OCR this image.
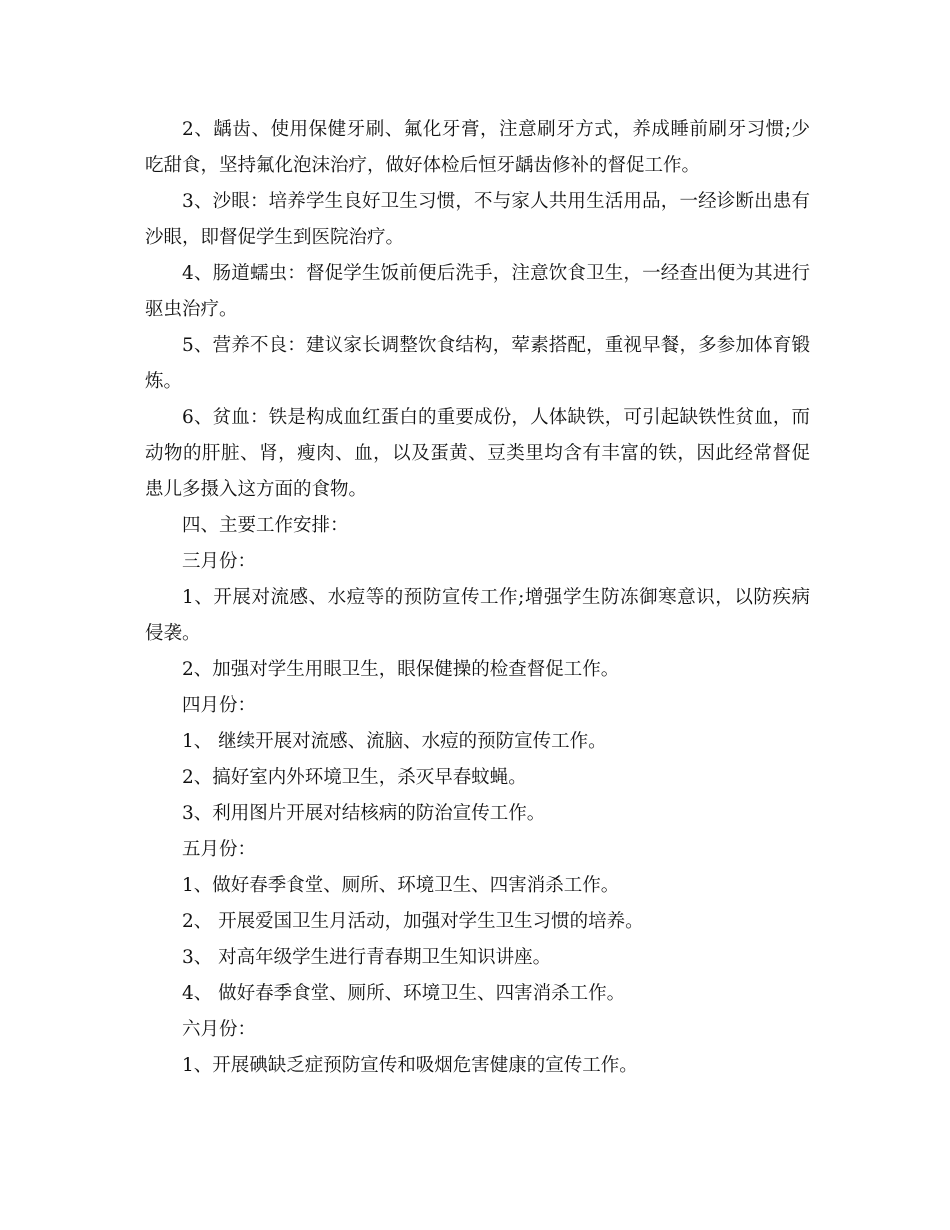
2、龋齿、使用保健牙刷、氟化牙膏，注意刷牙方式，养成睡前刷牙习惯;少吃甜食，坚持氟化泡沫治疗，做好体检后恒牙龋齿修补的督促工作。

3、沙眼：培养学生良好卫生习惯，不与家人共用生活用品，一经诊断出患有沙眼，即督促学生到医院治疗。

4、肠道蠕虫：督促学生饭前便后洗手，注意饮食卫生，一经查出便为其进行驱虫治疗。

5、营养不良：建议家长调整饮食结构，荤素搭配，重视早餐，多参加体育锻炼。

6、贫血：铁是构成血红蛋白的重要成份，人体缺铁，可引起缺铁性贫血，而动物的肝脏、肾，瘦肉、血，以及蛋黄、豆类里均含有丰富的铁，因此经常督促患儿多摄入这方面的食物。

四、主要工作安排：

三月份：

1、开展对流感、水痘等的预防宣传工作;增强学生防冻御寒意识，以防疾病侵袭。

2、加强对学生用眼卫生，眼保健操的检查督促工作。

四月份：

1、 继续开展对流感、流脑、水痘的预防宣传工作。

2、搞好室内外环境卫生，杀灭早春蚊蝇。

3、利用图片开展对结核病的防治宣传工作。

五月份：

1、做好春季食堂、厕所、环境卫生、四害消杀工作。

2、 开展爱国卫生月活动，加强对学生卫生习惯的培养。

3、 对高年级学生进行青春期卫生知识讲座。

4、 做好春季食堂、厕所、环境卫生、四害消杀工作。

六月份：

1、开展碘缺乏症预防宣传和吸烟危害健康的宣传工作。
